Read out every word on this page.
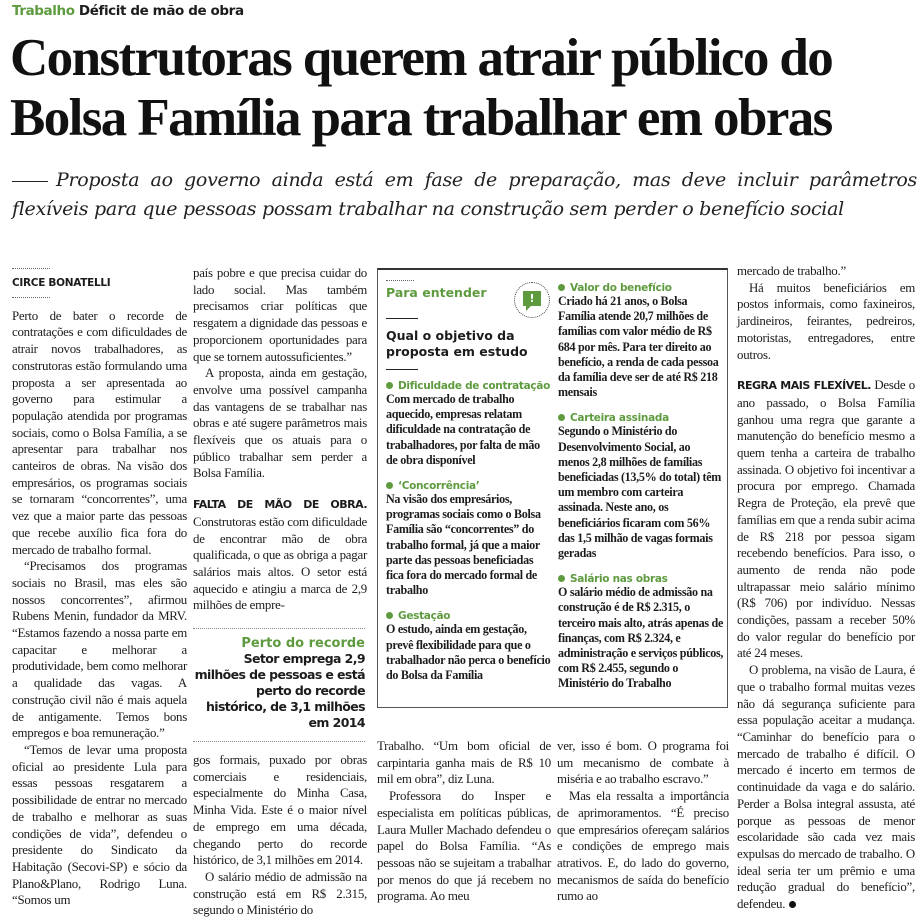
Trabalho Déficit de mão de obra
Construtoras querem atrair público do Bolsa Família para trabalhar em obras
Proposta ao governo ainda está em fase de preparação, mas deve incluir parâmetros flexíveis para que pessoas possam trabalhar na construção sem perder o benefício social
CIRCE BONATELLI

Perto de bater o recorde de contratações e com dificuldades de atrair novos trabalhadores, as construtoras estão formulando uma proposta a ser apresentada ao governo para estimular a população atendida por programas sociais, como o Bolsa Família, a se apresentar para trabalhar nos canteiros de obras. Na visão dos empresários, os programas sociais se tornaram “concorrentes”, uma vez que a maior parte das pessoas que recebe auxílio fica fora do mercado de trabalho formal.

“Precisamos dos programas sociais no Brasil, mas eles são nossos concorrentes”, afirmou Rubens Menin, fundador da MRV. “Estamos fazendo a nossa parte em capacitar e melhorar a produtividade, bem como melhorar a qualidade das vagas. A construção civil não é mais aquela de antigamente. Temos bons empregos e boa remuneração.”

“Temos de levar uma proposta oficial ao presidente Lula para essas pessoas resgatarem a possibilidade de entrar no mercado de trabalho e melhorar as suas condições de vida”, defendeu o presidente do Sindicato da Habitação (Secovi-SP) e sócio da Plano&Plano, Rodrigo Luna. “Somos um

país pobre e que precisa cuidar do lado social. Mas também precisamos criar políticas que resgatem a dignidade das pessoas e proporcionem oportunidades para que se tornem autossuficientes.”

A proposta, ainda em gestação, envolve uma possível campanha das vantagens de se trabalhar nas obras e até sugere parâmetros mais flexíveis que os atuais para o público trabalhar sem perder a Bolsa Família.

FALTA DE MÃO DE OBRA. Construtoras estão com dificuldade de encontrar mão de obra qualificada, o que as obriga a pagar salários mais altos. O setor está aquecido e atingiu a marca de 2,9 milhões de empre-

Perto do recorde
Setor emprega 2,9 milhões de pessoas e está perto do recorde histórico, de 3,1 milhões em 2014

gos formais, puxado por obras comerciais e residenciais, especialmente do Minha Casa, Minha Vida. Este é o maior nível de emprego em uma década, chegando perto do recorde histórico, de 3,1 milhões em 2014.

O salário médio de admissão na construção está em R$ 2.315, segundo o Ministério do

Para entender	!
Qual o objetivo da proposta em estudo
Dificuldade de contratação
Com mercado de trabalho aquecido, empresas relatam dificuldade na contratação de trabalhadores, por falta de mão de obra disponível
‘Concorrência’
Na visão dos empresários, programas sociais como o Bolsa Família são “concorrentes” do trabalho formal, já que a maior parte das pessoas beneficiadas fica fora do mercado formal de trabalho
Gestação
O estudo, ainda em gestação, prevê flexibilidade para que o trabalhador não perca o benefício do Bolsa da Família
Valor do benefício
Criado há 21 anos, o Bolsa Família atende 20,7 milhões de famílias com valor médio de R$ 684 por mês. Para ter direito ao benefício, a renda de cada pessoa da família deve ser de até R$ 218 mensais
Carteira assinada
Segundo o Ministério do Desenvolvimento Social, ao menos 2,8 milhões de famílias beneficiadas (13,5% do total) têm um membro com carteira assinada. Neste ano, os beneficiários ficaram com 56% das 1,5 milhão de vagas formais geradas
Salário nas obras
O salário médio de admissão na construção é de R$ 2.315, o terceiro mais alto, atrás apenas de finanças, com R$ 2.324, e administração e serviços públicos, com R$ 2.455, segundo o Ministério do Trabalho

Trabalho. “Um bom oficial de carpintaria ganha mais de R$ 10 mil em obra”, diz Luna.

Professora do Insper e especialista em políticas públicas, Laura Muller Machado defendeu o papel do Bolsa Família. “As pessoas não se sujeitam a trabalhar por menos do que já recebem no programa. Ao meu

ver, isso é bom. O programa foi um mecanismo de combate à miséria e ao trabalho escravo.”

Mas ela ressalta a importância de aprimoramentos. “É preciso que empresários ofereçam salários e condições de emprego mais atrativos. E, do lado do governo, mecanismos de saída do benefício rumo ao

mercado de trabalho.”

Há muitos beneficiários em postos informais, como faxineiros, jardineiros, feirantes, pedreiros, motoristas, entregadores, entre outros.

REGRA MAIS FLEXÍVEL. Desde o ano passado, o Bolsa Família ganhou uma regra que garante a manutenção do benefício mesmo a quem tenha a carteira de trabalho assinada. O objetivo foi incentivar a procura por emprego. Chamada Regra de Proteção, ela prevê que famílias em que a renda subir acima de R$ 218 por pessoa sigam recebendo benefícios. Para isso, o aumento de renda não pode ultrapassar meio salário mínimo (R$ 706) por indivíduo. Nessas condições, passam a receber 50% do valor regular do benefício por até 24 meses.

O problema, na visão de Laura, é que o trabalho formal muitas vezes não dá segurança suficiente para essa população aceitar a mudança. “Caminhar do benefício para o mercado de trabalho é difícil. O mercado é incerto em termos de continuidade da vaga e do salário. Perder a Bolsa integral assusta, até porque as pessoas de menor escolaridade são cada vez mais expulsas do mercado de trabalho. O ideal seria ter um prêmio e uma redução gradual do benefício”, defendeu.
